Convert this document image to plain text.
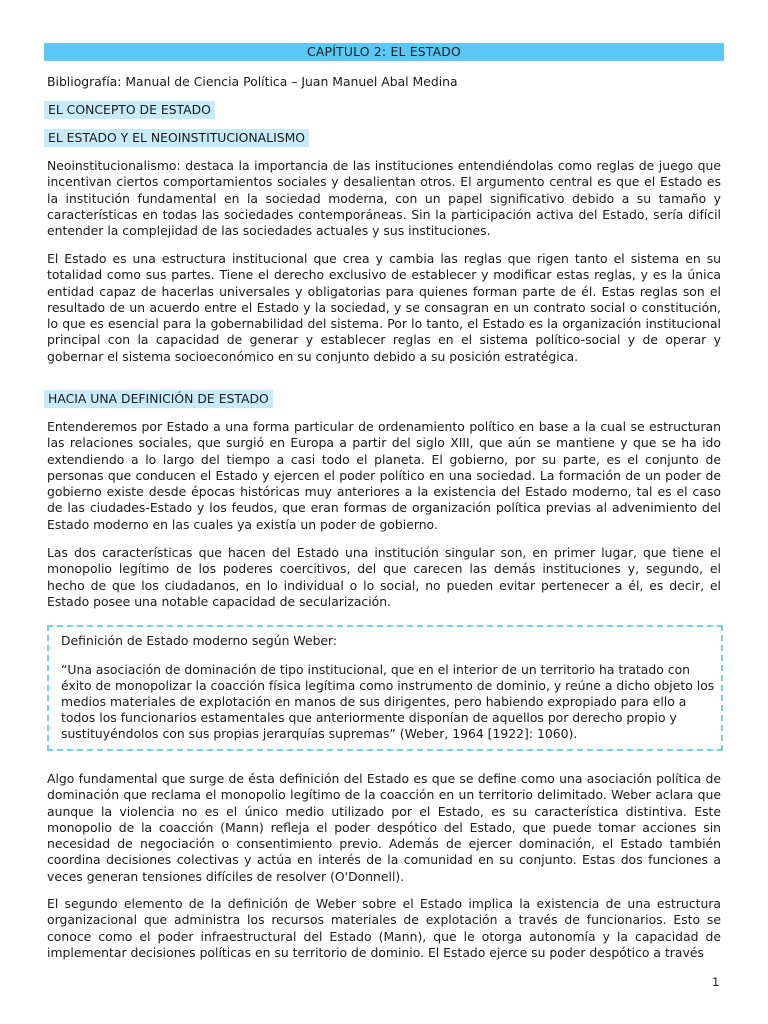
CAPÍTULO 2: EL ESTADO
Bibliografía: Manual de Ciencia Política – Juan Manuel Abal Medina
EL CONCEPTO DE ESTADO
EL ESTADO Y EL NEOINSTITUCIONALISMO

Neoinstitucionalismo: destaca la importancia de las instituciones entendiéndolas como reglas de juego que incentivan ciertos comportamientos sociales y desalientan otros. El argumento central es que el Estado es la institución fundamental en la sociedad moderna, con un papel significativo debido a su tamaño y características en todas las sociedades contemporáneas. Sin la participación activa del Estado, sería difícil entender la complejidad de las sociedades actuales y sus instituciones.

El Estado es una estructura institucional que crea y cambia las reglas que rigen tanto el sistema en su totalidad como sus partes. Tiene el derecho exclusivo de establecer y modificar estas reglas, y es la única entidad capaz de hacerlas universales y obligatorias para quienes forman parte de él. Estas reglas son el resultado de un acuerdo entre el Estado y la sociedad, y se consagran en un contrato social o constitución, lo que es esencial para la gobernabilidad del sistema. Por lo tanto, el Estado es la organización institucional principal con la capacidad de generar y establecer reglas en el sistema político-social y de operar y gobernar el sistema socioeconómico en su conjunto debido a su posición estratégica.

HACIA UNA DEFINICIÓN DE ESTADO

Entenderemos por Estado a una forma particular de ordenamiento político en base a la cual se estructuran las relaciones sociales, que surgió en Europa a partir del siglo XIII, que aún se mantiene y que se ha ido extendiendo a lo largo del tiempo a casi todo el planeta. El gobierno, por su parte, es el conjunto de personas que conducen el Estado y ejercen el poder político en una sociedad. La formación de un poder de gobierno existe desde épocas históricas muy anteriores a la existencia del Estado moderno, tal es el caso de las ciudades-Estado y los feudos, que eran formas de organización política previas al advenimiento del Estado moderno en las cuales ya existía un poder de gobierno.

Las dos características que hacen del Estado una institución singular son, en primer lugar, que tiene el monopolio legítimo de los poderes coercitivos, del que carecen las demás instituciones y, segundo, el hecho de que los ciudadanos, en lo individual o lo social, no pueden evitar pertenecer a él, es decir, el Estado posee una notable capacidad de secularización.

Definición de Estado moderno según Weber:

“Una asociación de dominación de tipo institucional, que en el interior de un territorio ha tratado con éxito de monopolizar la coacción física legítima como instrumento de dominio, y reúne a dicho objeto los medios materiales de explotación en manos de sus dirigentes, pero habiendo expropiado para ello a todos los funcionarios estamentales que anteriormente disponían de aquellos por derecho propio y sustituyéndolos con sus propias jerarquías supremas” (Weber, 1964 [1922]: 1060).

Algo fundamental que surge de ésta definición del Estado es que se define como una asociación política de dominación que reclama el monopolio legítimo de la coacción en un territorio delimitado. Weber aclara que aunque la violencia no es el único medio utilizado por el Estado, es su característica distintiva. Este monopolio de la coacción (Mann) refleja el poder despótico del Estado, que puede tomar acciones sin necesidad de negociación o consentimiento previo. Además de ejercer dominación, el Estado también coordina decisiones colectivas y actúa en interés de la comunidad en su conjunto. Estas dos funciones a veces generan tensiones difíciles de resolver (O'Donnell).

El segundo elemento de la definición de Weber sobre el Estado implica la existencia de una estructura organizacional que administra los recursos materiales de explotación a través de funcionarios. Esto se conoce como el poder infraestructural del Estado (Mann), que le otorga autonomía y la capacidad de implementar decisiones políticas en su territorio de dominio. El Estado ejerce su poder despótico a través

1
